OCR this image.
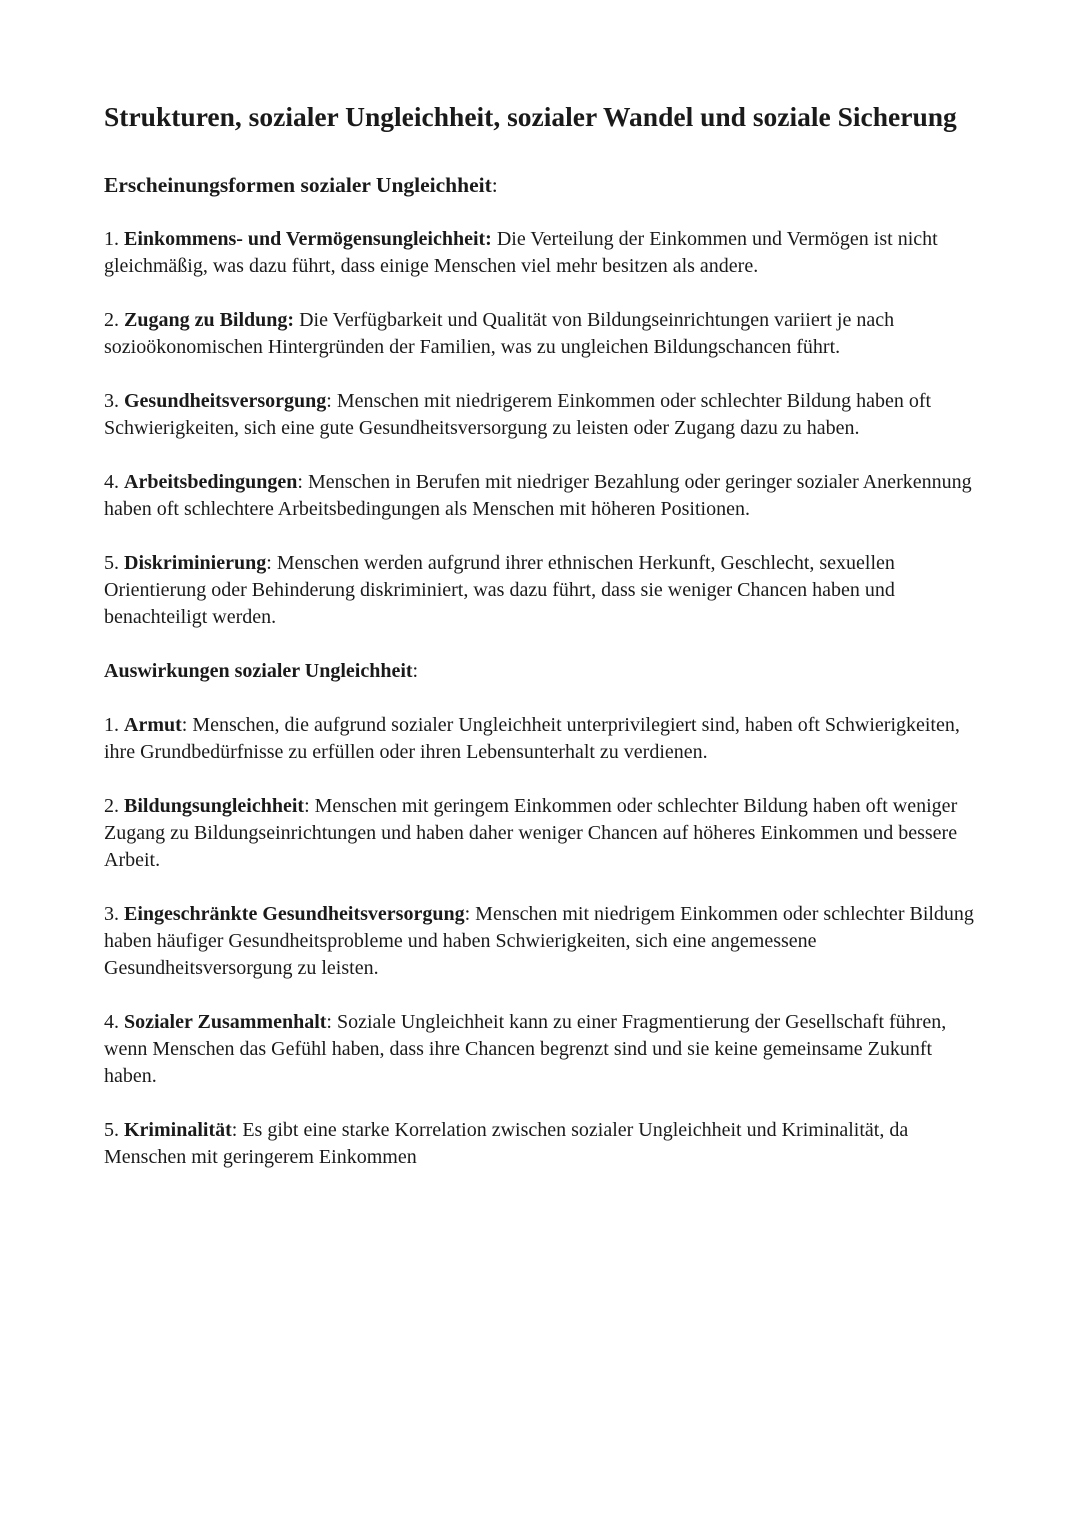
Strukturen, sozialer Ungleichheit, sozialer Wandel und soziale Sicherung
Erscheinungsformen sozialer Ungleichheit:

1. Einkommens- und Vermögensungleichheit: Die Verteilung der Einkommen und Vermögen ist nicht gleichmäßig, was dazu führt, dass einige Menschen viel mehr besitzen als andere.

2. Zugang zu Bildung: Die Verfügbarkeit und Qualität von Bildungseinrichtungen variiert je nach sozioökonomischen Hintergründen der Familien, was zu ungleichen Bildungschancen führt.

3. Gesundheitsversorgung: Menschen mit niedrigerem Einkommen oder schlechter Bildung haben oft Schwierigkeiten, sich eine gute Gesundheitsversorgung zu leisten oder Zugang dazu zu haben.

4. Arbeitsbedingungen: Menschen in Berufen mit niedriger Bezahlung oder geringer sozialer Anerkennung haben oft schlechtere Arbeitsbedingungen als Menschen mit höheren Positionen.

5. Diskriminierung: Menschen werden aufgrund ihrer ethnischen Herkunft, Geschlecht, sexuellen Orientierung oder Behinderung diskriminiert, was dazu führt, dass sie weniger Chancen haben und benachteiligt werden.

Auswirkungen sozialer Ungleichheit:

1. Armut: Menschen, die aufgrund sozialer Ungleichheit unterprivilegiert sind, haben oft Schwierigkeiten, ihre Grundbedürfnisse zu erfüllen oder ihren Lebensunterhalt zu verdienen.

2. Bildungsungleichheit: Menschen mit geringem Einkommen oder schlechter Bildung haben oft weniger Zugang zu Bildungseinrichtungen und haben daher weniger Chancen auf höheres Einkommen und bessere Arbeit.

3. Eingeschränkte Gesundheitsversorgung: Menschen mit niedrigem Einkommen oder schlechter Bildung haben häufiger Gesundheitsprobleme und haben Schwierigkeiten, sich eine angemessene Gesundheitsversorgung zu leisten.

4. Sozialer Zusammenhalt: Soziale Ungleichheit kann zu einer Fragmentierung der Gesellschaft führen, wenn Menschen das Gefühl haben, dass ihre Chancen begrenzt sind und sie keine gemeinsame Zukunft haben.

5. Kriminalität: Es gibt eine starke Korrelation zwischen sozialer Ungleichheit und Kriminalität, da Menschen mit geringerem Einkommen
